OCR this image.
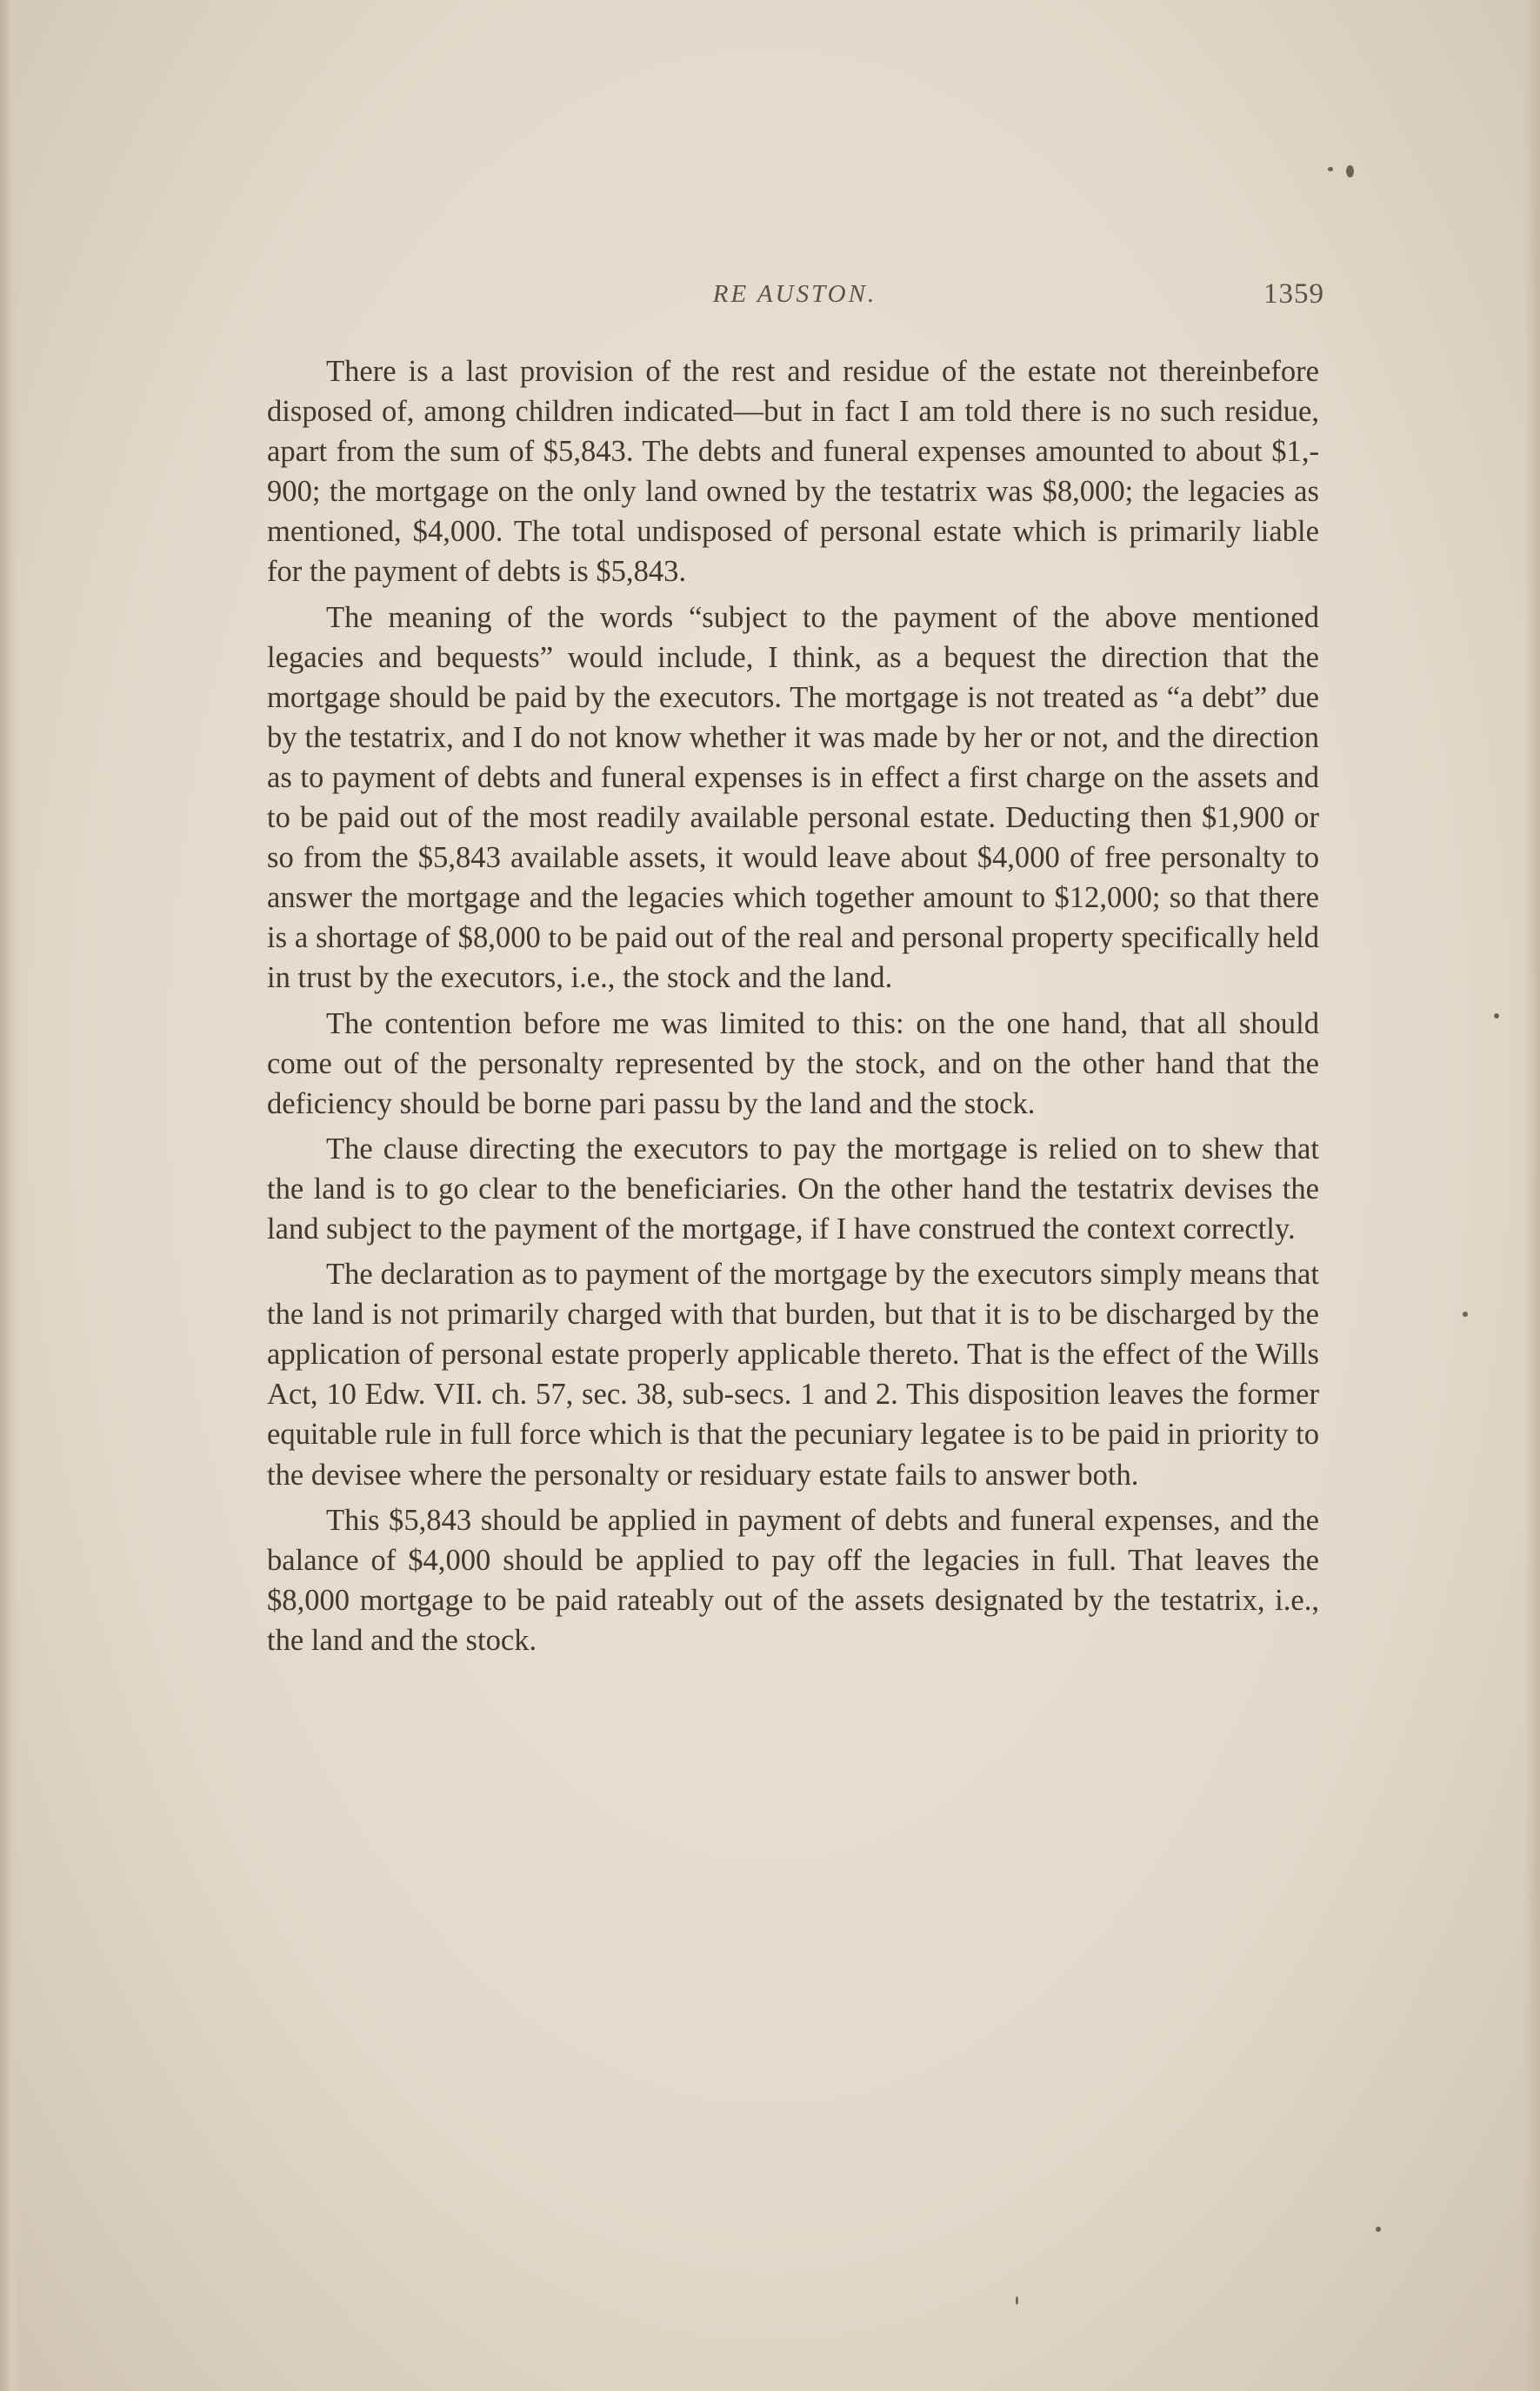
RE AUSTON.	1359

There is a last provision of the rest and residue of the estate not thereinbefore disposed of, among children indicated—but in fact I am told there is no such residue, apart from the sum of $5,843. The debts and funeral expenses amounted to about $1,900; the mortgage on the only land owned by the testatrix was $8,000; the legacies as mentioned, $4,000. The total undisposed of personal estate which is primarily liable for the payment of debts is $5,843.

The meaning of the words “subject to the payment of the above mentioned legacies and bequests” would include, I think, as a bequest the direction that the mortgage should be paid by the executors. The mortgage is not treated as “a debt” due by the testatrix, and I do not know whether it was made by her or not, and the direction as to payment of debts and funeral expenses is in effect a first charge on the assets and to be paid out of the most readily available personal estate. Deducting then $1,900 or so from the $5,843 available assets, it would leave about $4,000 of free personalty to answer the mortgage and the legacies which together amount to $12,000; so that there is a shortage of $8,000 to be paid out of the real and personal property specifically held in trust by the executors, i.e., the stock and the land.

The contention before me was limited to this: on the one hand, that all should come out of the personalty represented by the stock, and on the other hand that the deficiency should be borne pari passu by the land and the stock.

The clause directing the executors to pay the mortgage is relied on to shew that the land is to go clear to the beneficiaries. On the other hand the testatrix devises the land subject to the payment of the mortgage, if I have construed the context correctly.

The declaration as to payment of the mortgage by the executors simply means that the land is not primarily charged with that burden, but that it is to be discharged by the application of personal estate properly applicable thereto. That is the effect of the Wills Act, 10 Edw. VII. ch. 57, sec. 38, sub-secs. 1 and 2. This disposition leaves the former equitable rule in full force which is that the pecuniary legatee is to be paid in priority to the devisee where the personalty or residuary estate fails to answer both.

This $5,843 should be applied in payment of debts and funeral expenses, and the balance of $4,000 should be applied to pay off the legacies in full. That leaves the $8,000 mortgage to be paid rateably out of the assets designated by the testatrix, i.e., the land and the stock.
